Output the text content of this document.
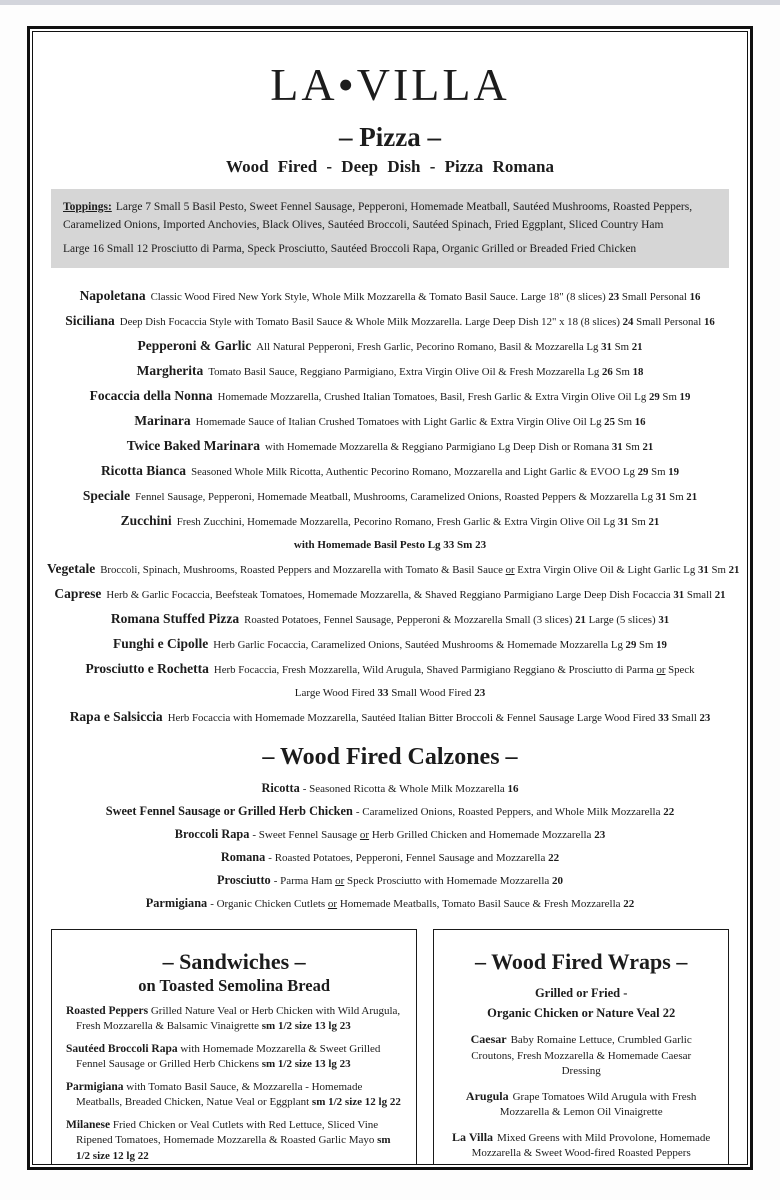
LA•VILLA
– Pizza –
Wood Fired - Deep Dish - Pizza Romana

Toppings: Large 7 Small 5 Basil Pesto, Sweet Fennel Sausage, Pepperoni, Homemade Meatball, Sautéed Mushrooms, Roasted Peppers, Caramelized Onions, Imported Anchovies, Black Olives, Sautéed Broccoli, Sautéed Spinach, Fried Eggplant, Sliced Country Ham

Large 16 Small 12 Prosciutto di Parma, Speck Prosciutto, Sautéed Broccoli Rapa, Organic Grilled or Breaded Fried Chicken

Napoletana Classic Wood Fired New York Style, Whole Milk Mozzarella & Tomato Basil Sauce. Large 18" (8 slices) 23 Small Personal 16

Siciliana Deep Dish Focaccia Style with Tomato Basil Sauce & Whole Milk Mozzarella. Large Deep Dish 12" x 18 (8 slices) 24 Small Personal 16

Pepperoni & Garlic All Natural Pepperoni, Fresh Garlic, Pecorino Romano, Basil & Mozzarella Lg 31 Sm 21

Margherita Tomato Basil Sauce, Reggiano Parmigiano, Extra Virgin Olive Oil & Fresh Mozzarella Lg 26 Sm 18

Focaccia della Nonna Homemade Mozzarella, Crushed Italian Tomatoes, Basil, Fresh Garlic & Extra Virgin Olive Oil Lg 29 Sm 19

Marinara Homemade Sauce of Italian Crushed Tomatoes with Light Garlic & Extra Virgin Olive Oil Lg 25 Sm 16

Twice Baked Marinara with Homemade Mozzarella & Reggiano Parmigiano Lg Deep Dish or Romana 31 Sm 21

Ricotta Bianca Seasoned Whole Milk Ricotta, Authentic Pecorino Romano, Mozzarella and Light Garlic & EVOO Lg 29 Sm 19

Speciale Fennel Sausage, Pepperoni, Homemade Meatball, Mushrooms, Caramelized Onions, Roasted Peppers & Mozzarella Lg 31 Sm 21

Zucchini Fresh Zucchini, Homemade Mozzarella, Pecorino Romano, Fresh Garlic & Extra Virgin Olive Oil Lg 31 Sm 21

with Homemade Basil Pesto Lg 33 Sm 23

Vegetale Broccoli, Spinach, Mushrooms, Roasted Peppers and Mozzarella with Tomato & Basil Sauce or Extra Virgin Olive Oil & Light Garlic Lg 31 Sm 21

Caprese Herb & Garlic Focaccia, Beefsteak Tomatoes, Homemade Mozzarella, & Shaved Reggiano Parmigiano Large Deep Dish Focaccia 31 Small 21

Romana Stuffed Pizza Roasted Potatoes, Fennel Sausage, Pepperoni & Mozzarella Small (3 slices) 21 Large (5 slices) 31

Funghi e Cipolle Herb Garlic Focaccia, Caramelized Onions, Sautéed Mushrooms & Homemade Mozzarella Lg 29 Sm 19

Prosciutto e Rochetta Herb Focaccia, Fresh Mozzarella, Wild Arugula, Shaved Parmigiano Reggiano & Prosciutto di Parma or Speck

Large Wood Fired 33 Small Wood Fired 23

Rapa e Salsiccia Herb Focaccia with Homemade Mozzarella, Sautéed Italian Bitter Broccoli & Fennel Sausage Large Wood Fired 33 Small 23

– Wood Fired Calzones –

Ricotta - Seasoned Ricotta & Whole Milk Mozzarella 16

Sweet Fennel Sausage or Grilled Herb Chicken - Caramelized Onions, Roasted Peppers, and Whole Milk Mozzarella 22

Broccoli Rapa - Sweet Fennel Sausage or Herb Grilled Chicken and Homemade Mozzarella 23

Romana - Roasted Potatoes, Pepperoni, Fennel Sausage and Mozzarella 22

Prosciutto - Parma Ham or Speck Prosciutto with Homemade Mozzarella 20

Parmigiana - Organic Chicken Cutlets or Homemade Meatballs, Tomato Basil Sauce & Fresh Mozzarella 22

– Sandwiches –
on Toasted Semolina Bread

Roasted Peppers Grilled Nature Veal or Herb Chicken with Wild Arugula, Fresh Mozzarella & Balsamic Vinaigrette sm 1/2 size 13 lg 23

Sautéed Broccoli Rapa with Homemade Mozzarella & Sweet Grilled Fennel Sausage or Grilled Herb Chickens sm 1/2 size 13 lg 23

Parmigiana with Tomato Basil Sauce, & Mozzarella - Homemade Meatballs, Breaded Chicken, Natue Veal or Eggplant sm 1/2 size 12 lg 22

Milanese Fried Chicken or Veal Cutlets with Red Lettuce, Sliced Vine Ripened Tomatoes, Homemade Mozzarella & Roasted Garlic Mayo sm 1/2 size 12 lg 22

– Wood Fired Wraps –
Grilled or Fried -
Organic Chicken or Nature Veal 22

Caesar Baby Romaine Lettuce, Crumbled Garlic Croutons, Fresh Mozzarella & Homemade Caesar Dressing

Arugula Grape Tomatoes Wild Arugula with Fresh Mozzarella & Lemon Oil Vinaigrette

La Villa Mixed Greens with Mild Provolone, Homemade Mozzarella & Sweet Wood-fired Roasted Peppers
